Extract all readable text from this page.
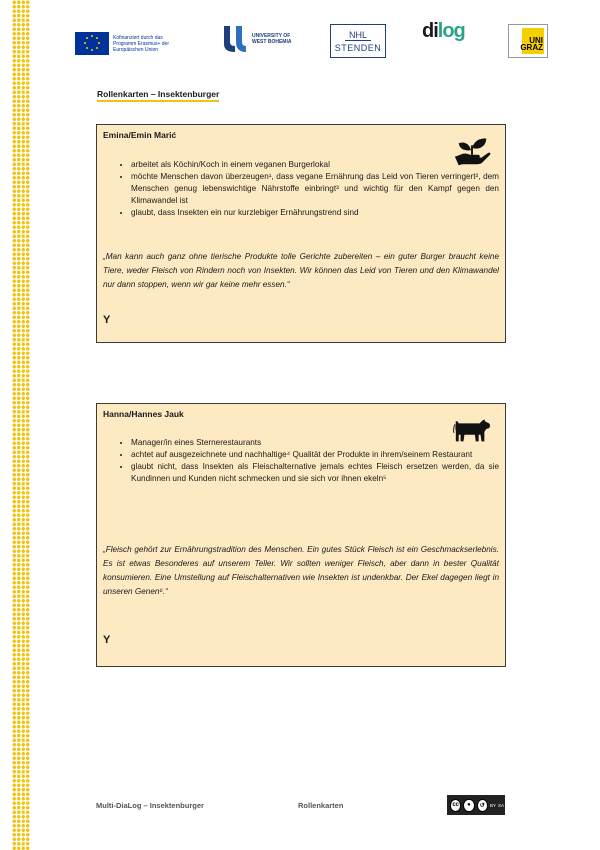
Kofinanziert durch das Programm Erasmus+ der Europäischen Union
UNIVERSITY OF WEST BOHEMIA
NHL
STENDEN
dilog	UNI GRAZ
Rollenkarten – Insektenburger
Emina/Emin Marić
• arbeitet als Köchin/Koch in einem veganen Burgerlokal
• möchte Menschen davon überzeugen¹, dass vegane Ernährung das Leid von Tieren verringert², dem Menschen genug lebenswichtige Nährstoffe einbringt³ und wichtig für den Kampf gegen den Klimawandel ist
• glaubt, dass Insekten ein nur kurzlebiger Ernährungstrend sind
„Man kann auch ganz ohne tierische Produkte tolle Gerichte zubereiten – ein guter Burger braucht keine Tiere, weder Fleisch von Rindern noch von Insekten. Wir können das Leid von Tieren und den Klimawandel nur dann stoppen, wenn wir gar keine mehr essen.“
Y
Hanna/Hannes Jauk
• Manager/in eines Sternerestaurants
• achtet auf ausgezeichnete und nachhaltige⁴ Qualität der Produkte in ihrem/seinem Restaurant
• glaubt nicht, dass Insekten als Fleischalternative jemals echtes Fleisch ersetzen werden, da sie Kundinnen und Kunden nicht schmecken und sie sich vor ihnen ekeln⁵
„Fleisch gehört zur Ernährungstradition des Menschen. Ein gutes Stück Fleisch ist ein Geschmackserlebnis. Es ist etwas Besonderes auf unserem Teller. Wir sollten weniger Fleisch, aber dann in bester Qualität konsumieren. Eine Umstellung auf Fleischalternativen wie Insekten ist undenkbar. Der Ekel dagegen liegt in unseren Genen⁶.“
Y
Multi-DiaLog – Insektenburger	Rollenkarten	cc	●	↺	BY SA
